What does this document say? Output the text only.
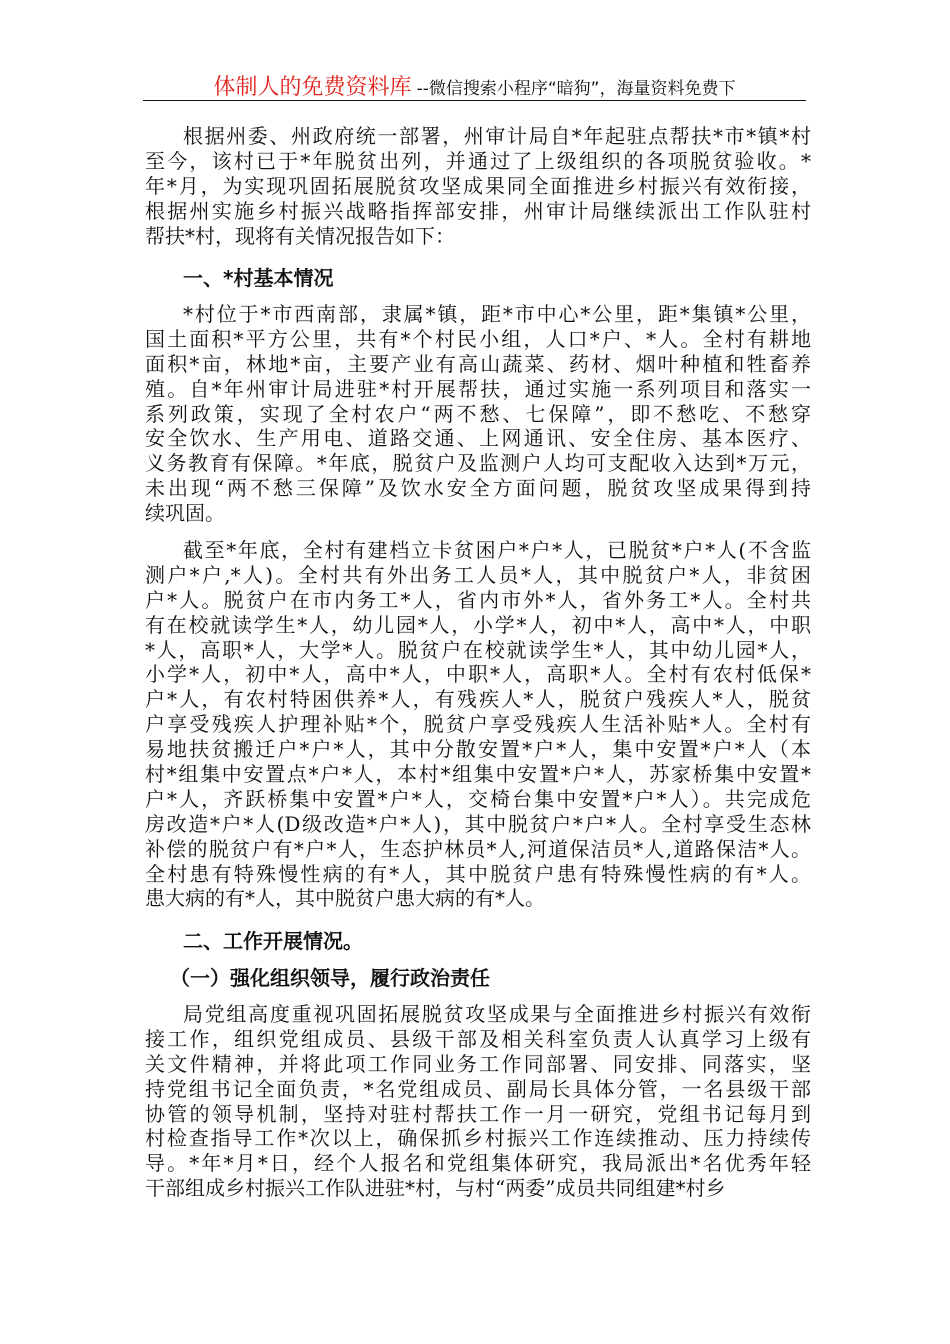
体制人的免费资料库 --微信搜索小程序“暗狗”，海量资料免费下
根据州委、州政府统一部署，州审计局自*年起驻点帮扶*市*镇*村
至今，该村已于*年脱贫出列，并通过了上级组织的各项脱贫验收。*
年*月，为实现巩固拓展脱贫攻坚成果同全面推进乡村振兴有效衔接，
根据州实施乡村振兴战略指挥部安排，州审计局继续派出工作队驻村
帮扶*村，现将有关情况报告如下：
一、*村基本情况
*村位于*市西南部，隶属*镇，距*市中心*公里，距*集镇*公里，
国土面积*平方公里，共有*个村民小组，人口*户、*人。全村有耕地
面积*亩，林地*亩，主要产业有高山蔬菜、药材、烟叶种植和牲畜养
殖。自*年州审计局进驻*村开展帮扶，通过实施一系列项目和落实一
系列政策，实现了全村农户“两不愁、七保障”，即不愁吃、不愁穿
安全饮水、生产用电、道路交通、上网通讯、安全住房、基本医疗、
义务教育有保障。*年底，脱贫户及监测户人均可支配收入达到*万元，
未出现“两不愁三保障”及饮水安全方面问题，脱贫攻坚成果得到持
续巩固。
截至*年底，全村有建档立卡贫困户*户*人，已脱贫*户*人(不含监
测户*户,*人)。全村共有外出务工人员*人，其中脱贫户*人，非贫困
户*人。脱贫户在市内务工*人，省内市外*人，省外务工*人。全村共
有在校就读学生*人，幼儿园*人，小学*人，初中*人，高中*人，中职
*人，高职*人，大学*人。脱贫户在校就读学生*人，其中幼儿园*人，
小学*人，初中*人，高中*人，中职*人，高职*人。全村有农村低保*
户*人，有农村特困供养*人，有残疾人*人，脱贫户残疾人*人，脱贫
户享受残疾人护理补贴*个，脱贫户享受残疾人生活补贴*人。全村有
易地扶贫搬迁户*户*人，其中分散安置*户*人，集中安置*户*人（本
村*组集中安置点*户*人，本村*组集中安置*户*人，苏家桥集中安置*
户*人，齐跃桥集中安置*户*人，交椅台集中安置*户*人）。共完成危
房改造*户*人(D级改造*户*人)，其中脱贫户*户*人。全村享受生态林
补偿的脱贫户有*户*人，生态护林员*人,河道保洁员*人,道路保洁*人。
全村患有特殊慢性病的有*人，其中脱贫户患有特殊慢性病的有*人。
患大病的有*人，其中脱贫户患大病的有*人。
二、工作开展情况。
（一）强化组织领导，履行政治责任
局党组高度重视巩固拓展脱贫攻坚成果与全面推进乡村振兴有效衔
接工作，组织党组成员、县级干部及相关科室负责人认真学习上级有
关文件精神，并将此项工作同业务工作同部署、同安排、同落实，坚
持党组书记全面负责，*名党组成员、副局长具体分管，一名县级干部
协管的领导机制，坚持对驻村帮扶工作一月一研究，党组书记每月到
村检查指导工作*次以上，确保抓乡村振兴工作连续推动、压力持续传
导。*年*月*日，经个人报名和党组集体研究，我局派出*名优秀年轻
干部组成乡村振兴工作队进驻*村，与村“两委”成员共同组建*村乡
